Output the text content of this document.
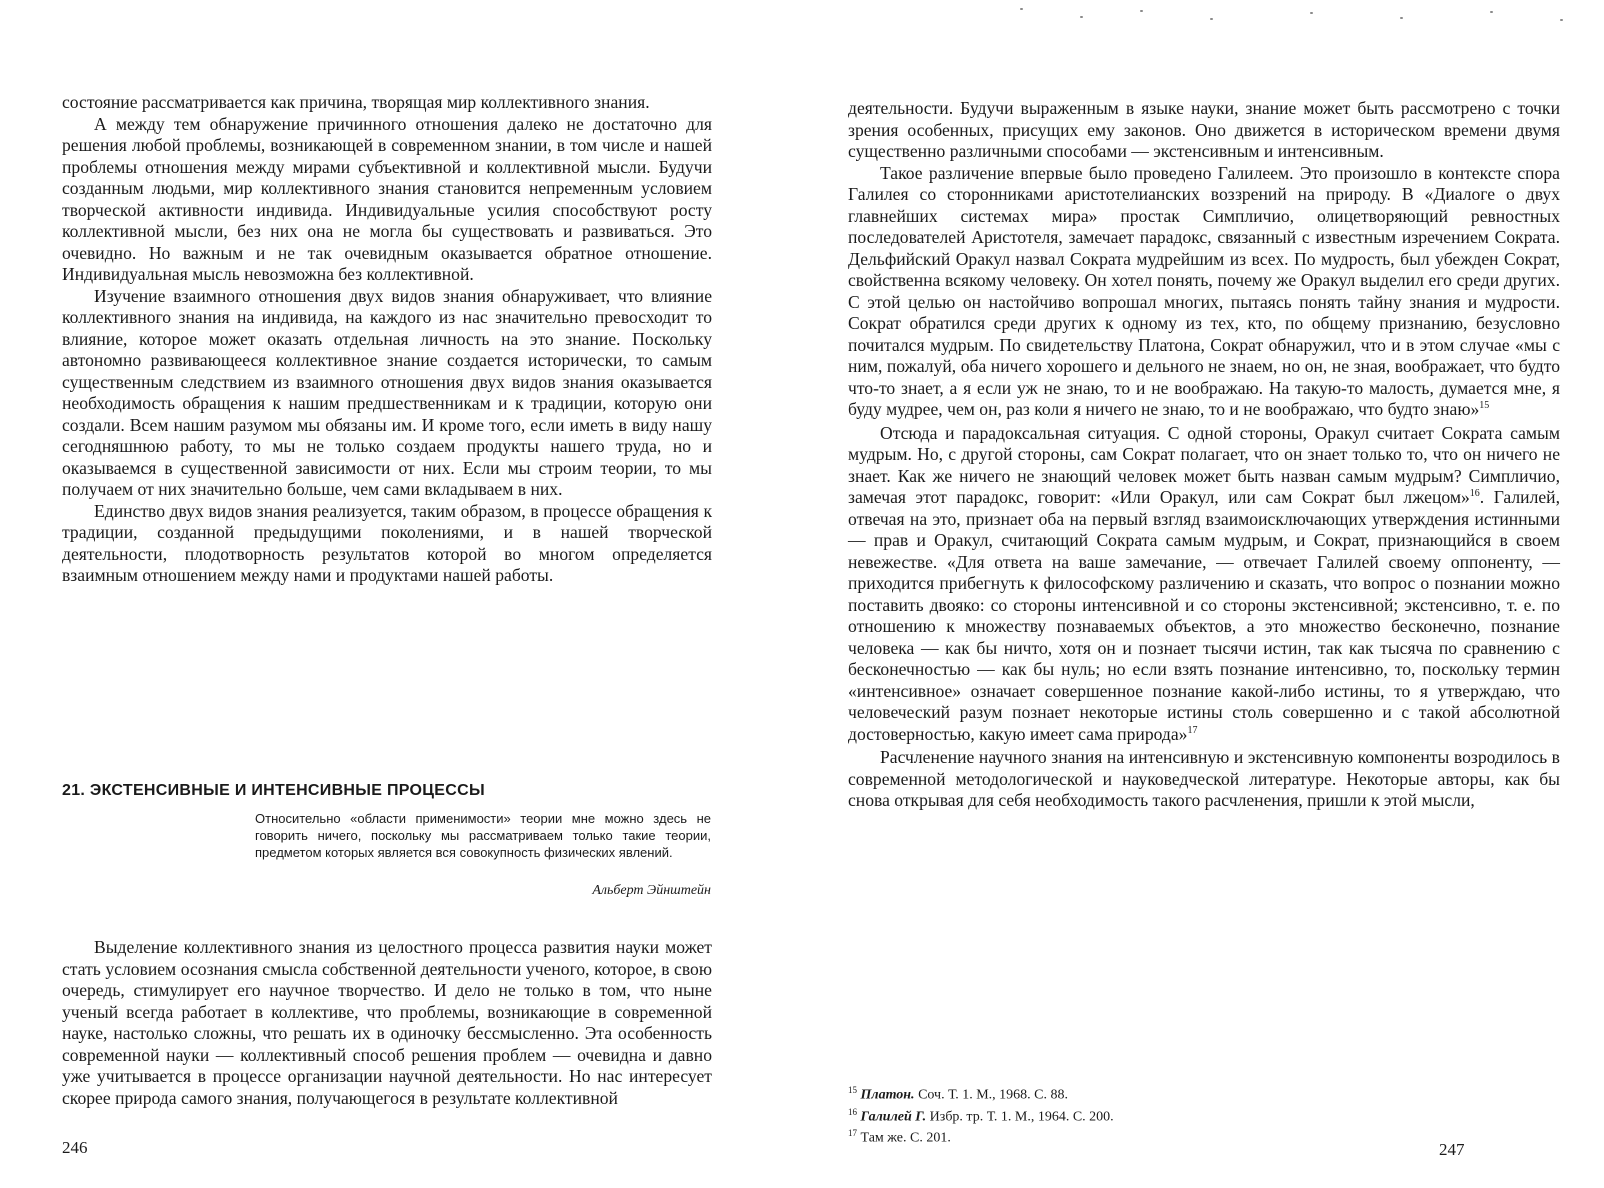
состояние рассматривается как причина, творящая мир коллективного знания.

А между тем обнаружение причинного отношения далеко не достаточно для решения любой проблемы, возникающей в современном знании, в том числе и нашей проблемы отношения между мирами субъективной и коллективной мысли. Будучи созданным людьми, мир коллективного знания становится непременным условием творческой активности индивида. Индивидуальные усилия способствуют росту коллективной мысли, без них она не могла бы существовать и развиваться. Это очевидно. Но важным и не так очевидным оказывается обратное отношение. Индивидуальная мысль невозможна без коллективной.

Изучение взаимного отношения двух видов знания обнаруживает, что влияние коллективного знания на индивида, на каждого из нас значительно превосходит то влияние, которое может оказать отдельная личность на это знание. Поскольку автономно развивающееся коллективное знание создается исторически, то самым существенным следствием из взаимного отношения двух видов знания оказывается необходимость обращения к нашим предшественникам и к традиции, которую они создали. Всем нашим разумом мы обязаны им. И кроме того, если иметь в виду нашу сегодняшнюю работу, то мы не только создаем продукты нашего труда, но и оказываемся в существенной зависимости от них. Если мы строим теории, то мы получаем от них значительно больше, чем сами вкладываем в них.

Единство двух видов знания реализуется, таким образом, в процессе обращения к традиции, созданной предыдущими поколениями, и в нашей творческой деятельности, плодотворность результатов которой во многом определяется взаимным отношением между нами и продуктами нашей работы.

21. ЭКСТЕНСИВНЫЕ И ИНТЕНСИВНЫЕ ПРОЦЕССЫ
Относительно «области применимости» теории мне можно здесь не говорить ничего, поскольку мы рассматриваем только такие теории, предметом которых является вся совокупность физических явлений.
Альберт Эйнштейн

Выделение коллективного знания из целостного процесса развития науки может стать условием осознания смысла собственной деятельности ученого, которое, в свою очередь, стимулирует его научное творчество. И дело не только в том, что ныне ученый всегда работает в коллективе, что проблемы, возникающие в современной науке, настолько сложны, что решать их в одиночку бессмысленно. Эта особенность современной науки — коллективный способ решения проблем — очевидна и давно уже учитывается в процессе организации научной деятельности. Но нас интересует скорее природа самого знания, получающегося в результате коллективной

246

деятельности. Будучи выраженным в языке науки, знание может быть рассмотрено с точки зрения особенных, присущих ему законов. Оно движется в историческом времени двумя существенно различными способами — экстенсивным и интенсивным.

Такое различение впервые было проведено Галилеем. Это произошло в контексте спора Галилея со сторонниками аристотелианских воззрений на природу. В «Диалоге о двух главнейших системах мира» простак Симпличио, олицетворяющий ревностных последователей Аристотеля, замечает парадокс, связанный с известным изречением Сократа. Дельфийский Оракул назвал Сократа мудрейшим из всех. По мудрость, был убежден Сократ, свойственна всякому человеку. Он хотел понять, почему же Оракул выделил его среди других. С этой целью он настойчиво вопрошал многих, пытаясь понять тайну знания и мудрости. Сократ обратился среди других к одному из тех, кто, по общему признанию, безусловно почитался мудрым. По свидетельству Платона, Сократ обнаружил, что и в этом случае «мы с ним, пожалуй, оба ничего хорошего и дельного не знаем, но он, не зная, воображает, что будто что-то знает, а я если уж не знаю, то и не воображаю. На такую-то малость, думается мне, я буду мудрее, чем он, раз коли я ничего не знаю, то и не воображаю, что будто знаю»$^{15}$

Отсюда и парадоксальная ситуация. С одной стороны, Оракул считает Сократа самым мудрым. Но, с другой стороны, сам Сократ полагает, что он знает только то, что он ничего не знает. Как же ничего не знающий человек может быть назван самым мудрым? Симпличио, замечая этот парадокс, говорит: «Или Оракул, или сам Сократ был лжецом»$^{16}$. Галилей, отвечая на это, признает оба на первый взгляд взаимоисключающих утверждения истинными — прав и Оракул, считающий Сократа самым мудрым, и Сократ, признающийся в своем невежестве. «Для ответа на ваше замечание, — отвечает Галилей своему оппоненту, — приходится прибегнуть к философскому различению и сказать, что вопрос о познании можно поставить двояко: со стороны интенсивной и со стороны экстенсивной; экстенсивно, т. е. по отношению к множеству познаваемых объектов, а это множество бесконечно, познание человека — как бы ничто, хотя он и познает тысячи истин, так как тысяча по сравнению с бесконечностью — как бы нуль; но если взять познание интенсивно, то, поскольку термин «интенсивное» означает совершенное познание какой-либо истины, то я утверждаю, что человеческий разум познает некоторые истины столь совершенно и с такой абсолютной достоверностью, какую имеет сама природа»$^{17}$

Расчленение научного знания на интенсивную и экстенсивную компоненты возродилось в современной методологической и науковедческой литературе. Некоторые авторы, как бы снова открывая для себя необходимость такого расчленения, пришли к этой мысли,

$^{15}$ Платон. Соч. Т. 1. М., 1968. С. 88.
$^{16}$ Галилей Г. Избр. тр. Т. 1. М., 1964. С. 200.
$^{17}$ Там же. С. 201.
247
